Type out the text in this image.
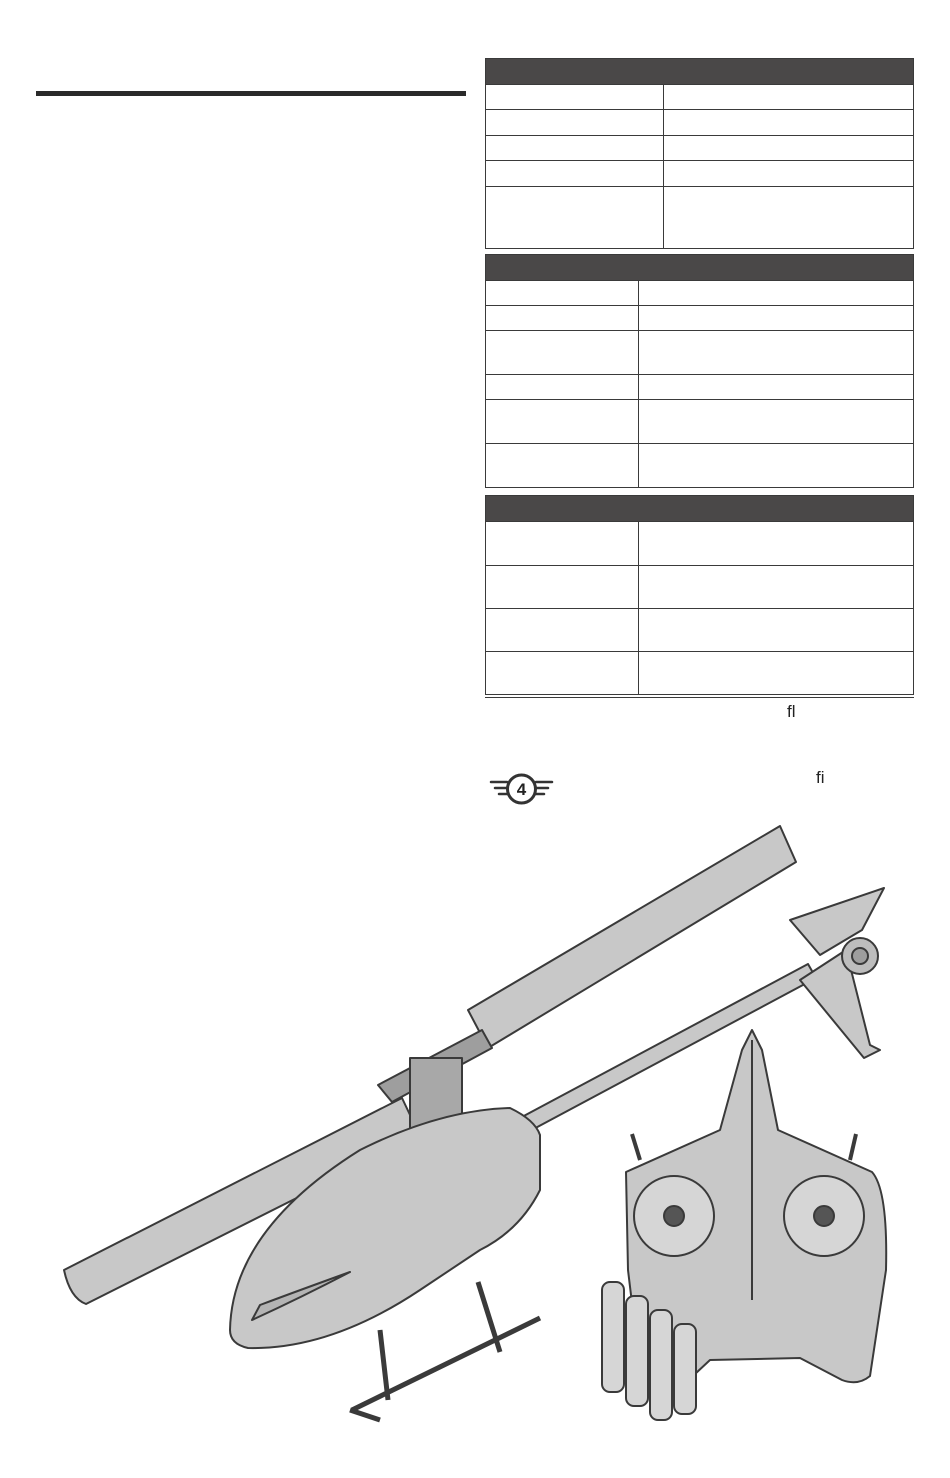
fl
fi
4
